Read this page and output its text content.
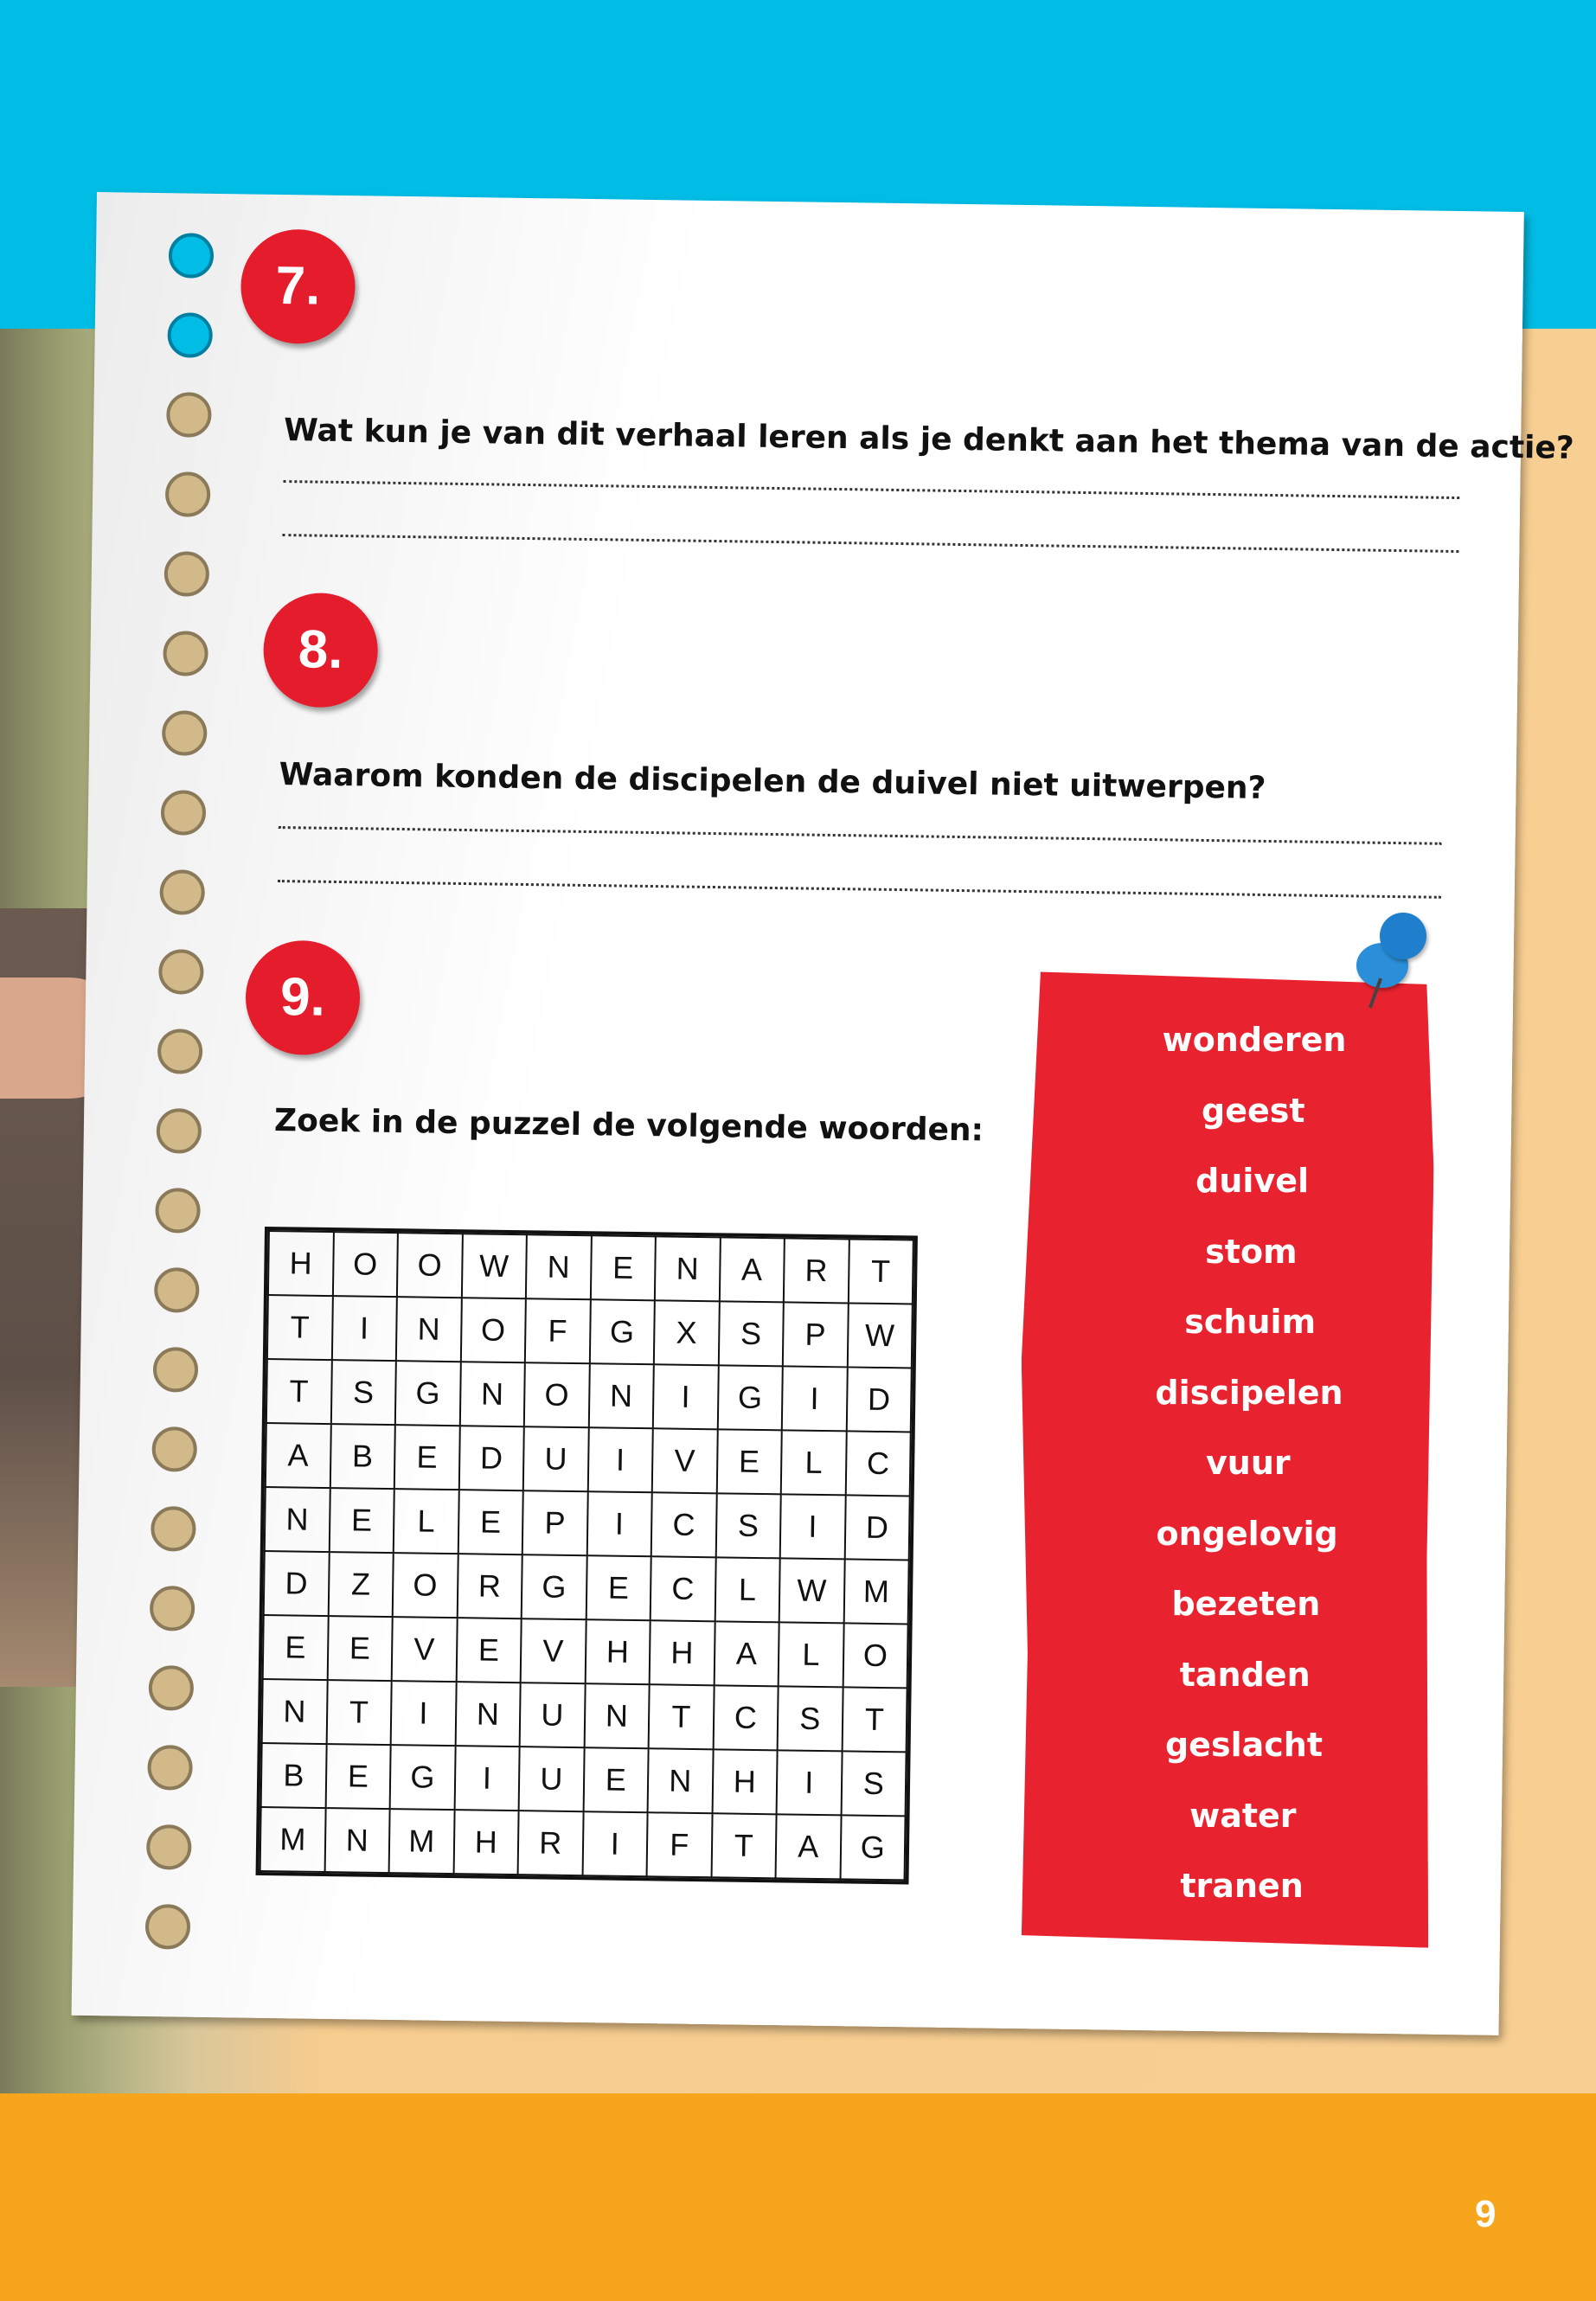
9
7.
Wat kun je van dit verhaal leren als je denkt aan het thema van de actie?
8.
Waarom konden de discipelen de duivel niet uitwerpen?
9.
Zoek in de puzzel de volgende woorden:
H	O	O	W	N	E	N	A	R	T
T	I	N	O	F	G	X	S	P	W
T	S	G	N	O	N	I	G	I	D
A	B	E	D	U	I	V	E	L	C
N	E	L	E	P	I	C	S	I	D
D	Z	O	R	G	E	C	L	W	M
E	E	V	E	V	H	H	A	L	O
N	T	I	N	U	N	T	C	S	T
B	E	G	I	U	E	N	H	I	S
M	N	M	H	R	I	F	T	A	G
wonderen
geest
duivel
stom
schuim
discipelen
vuur
ongelovig
bezeten
tanden
geslacht
water
tranen
